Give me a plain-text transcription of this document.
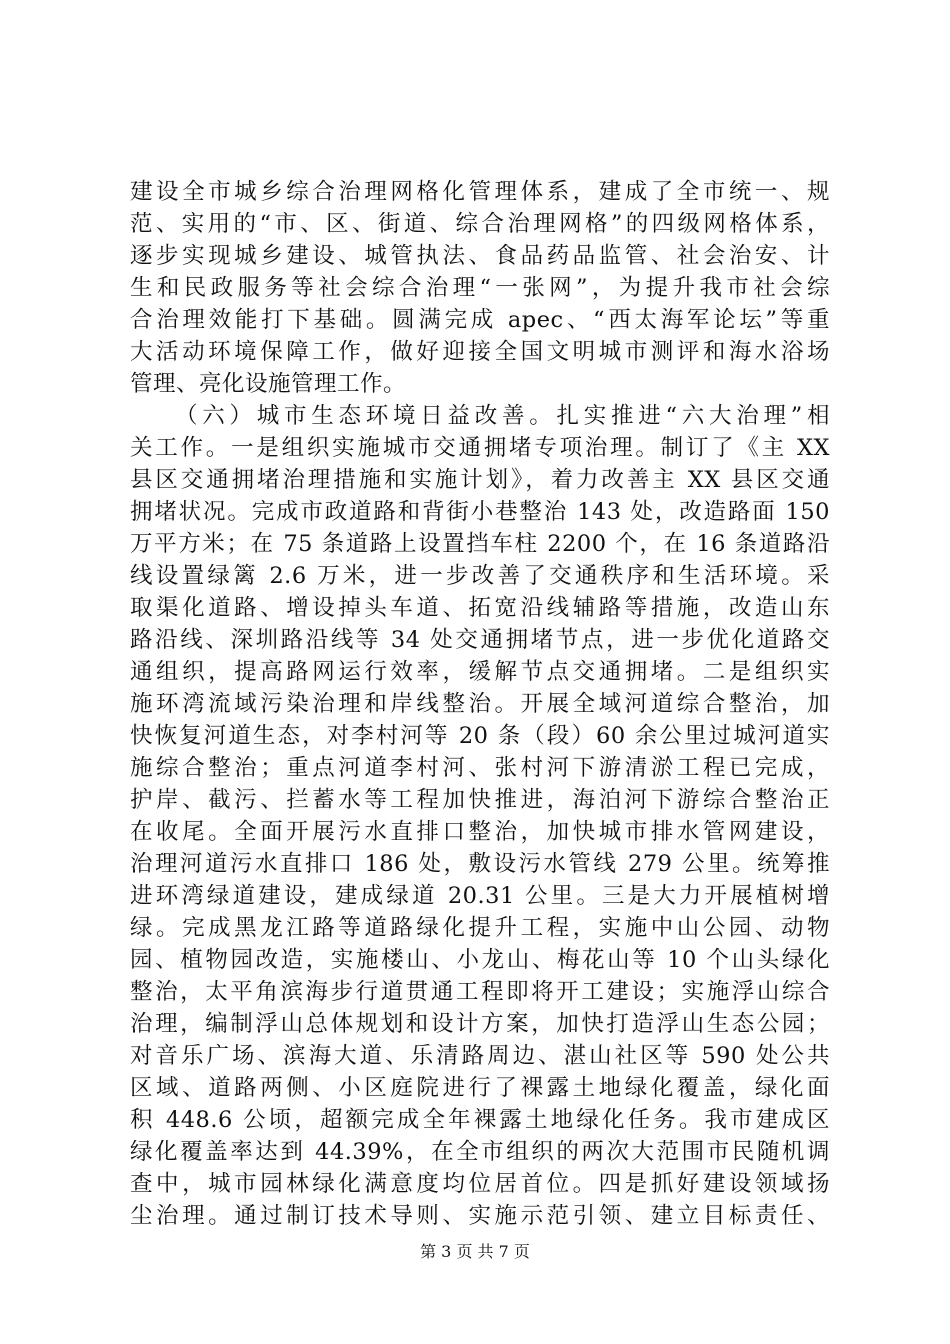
建设全市城乡综合治理网格化管理体系，建成了全市统一、规
范、实用的“市、区、街道、综合治理网格”的四级网格体系，
逐步实现城乡建设、城管执法、食品药品监管、社会治安、计
生和民政服务等社会综合治理“一张网”，为提升我市社会综
合治理效能打下基础。圆满完成 apec、“西太海军论坛”等重
大活动环境保障工作，做好迎接全国文明城市测评和海水浴场
管理、亮化设施管理工作。
（六）城市生态环境日益改善。扎实推进“六大治理”相
关工作。一是组织实施城市交通拥堵专项治理。制订了《主 XX
县区交通拥堵治理措施和实施计划》，着力改善主 XX 县区交通
拥堵状况。完成市政道路和背街小巷整治 143 处，改造路面 150
万平方米；在 75 条道路上设置挡车柱 2200 个，在 16 条道路沿
线设置绿篱 2.6 万米，进一步改善了交通秩序和生活环境。采
取渠化道路、增设掉头车道、拓宽沿线辅路等措施，改造山东
路沿线、深圳路沿线等 34 处交通拥堵节点，进一步优化道路交
通组织，提高路网运行效率，缓解节点交通拥堵。二是组织实
施环湾流域污染治理和岸线整治。开展全域河道综合整治，加
快恢复河道生态，对李村河等 20 条（段）60 余公里过城河道实
施综合整治；重点河道李村河、张村河下游清淤工程已完成，
护岸、截污、拦蓄水等工程加快推进，海泊河下游综合整治正
在收尾。全面开展污水直排口整治，加快城市排水管网建设，
治理河道污水直排口 186 处，敷设污水管线 279 公里。统筹推
进环湾绿道建设，建成绿道 20.31 公里。三是大力开展植树增
绿。完成黑龙江路等道路绿化提升工程，实施中山公园、动物
园、植物园改造，实施楼山、小龙山、梅花山等 10 个山头绿化
整治，太平角滨海步行道贯通工程即将开工建设；实施浮山综合
治理，编制浮山总体规划和设计方案，加快打造浮山生态公园；
对音乐广场、滨海大道、乐清路周边、湛山社区等 590 处公共
区域、道路两侧、小区庭院进行了裸露土地绿化覆盖，绿化面
积 448.6 公顷，超额完成全年裸露土地绿化任务。我市建成区
绿化覆盖率达到 44.39%，在全市组织的两次大范围市民随机调
查中，城市园林绿化满意度均位居首位。四是抓好建设领域扬
尘治理。通过制订技术导则、实施示范引领、建立目标责任、
第 3 页 共 7 页
